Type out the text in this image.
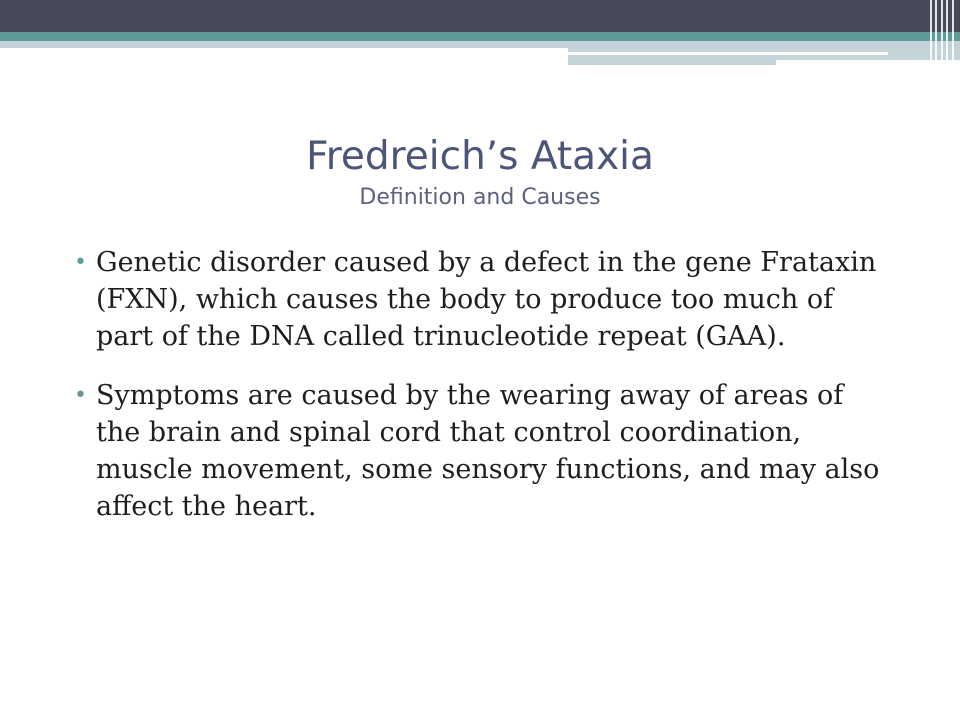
Fredreich’s Ataxia
Definition and Causes
• Genetic disorder caused by a defect in the gene Frataxin (FXN), which causes the body to produce too much of part of the DNA called trinucleotide repeat (GAA).
• Symptoms are caused by the wearing away of areas of the brain and spinal cord that control coordination, muscle movement, some sensory functions, and may also affect the heart.
